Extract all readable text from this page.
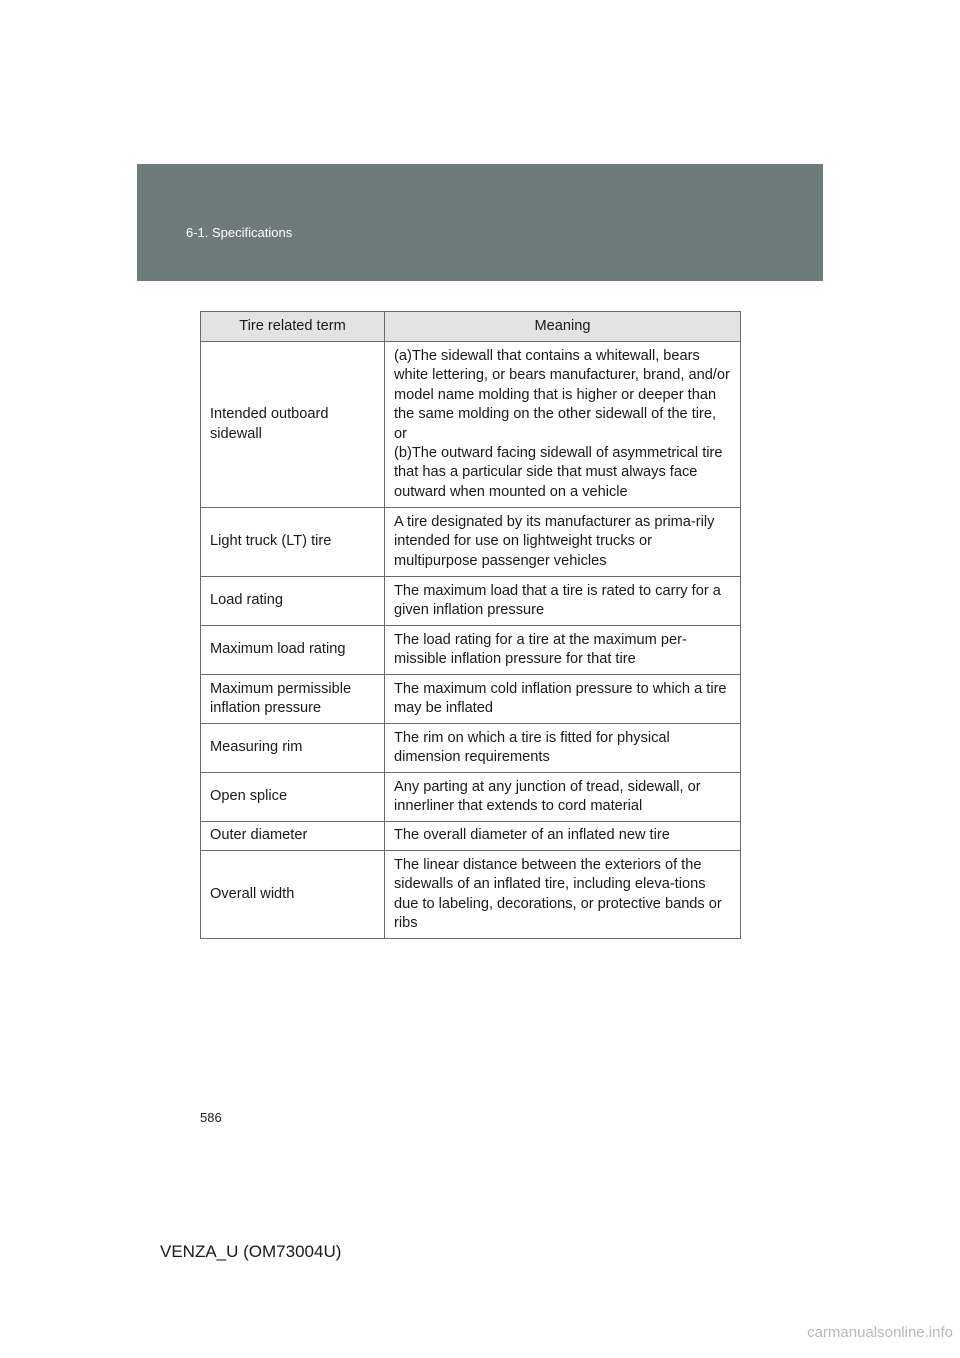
6-1. Specifications
Tire related term	Meaning
Intended outboard sidewall	(a)The sidewall that contains a whitewall, bears white lettering, or bears manufacturer, brand, and/or model name molding that is higher or deeper than the same molding on the other sidewall of the tire, or
(b)The outward facing sidewall of asymmetrical tire that has a particular side that must always face outward when mounted on a vehicle

Light truck (LT) tire	A tire designated by its manufacturer as prima-rily intended for use on lightweight trucks or multipurpose passenger vehicles
Load rating	The maximum load that a tire is rated to carry for a given inflation pressure
Maximum load rating	The load rating for a tire at the maximum per-missible inflation pressure for that tire
Maximum permissible inflation pressure	The maximum cold inflation pressure to which a tire may be inflated
Measuring rim	The rim on which a tire is fitted for physical dimension requirements
Open splice	Any parting at any junction of tread, sidewall, or innerliner that extends to cord material
Outer diameter	The overall diameter of an inflated new tire
Overall width	The linear distance between the exteriors of the sidewalls of an inflated tire, including eleva-tions due to labeling, decorations, or protective bands or ribs
586
VENZA_U (OM73004U)
carmanualsonline.info
